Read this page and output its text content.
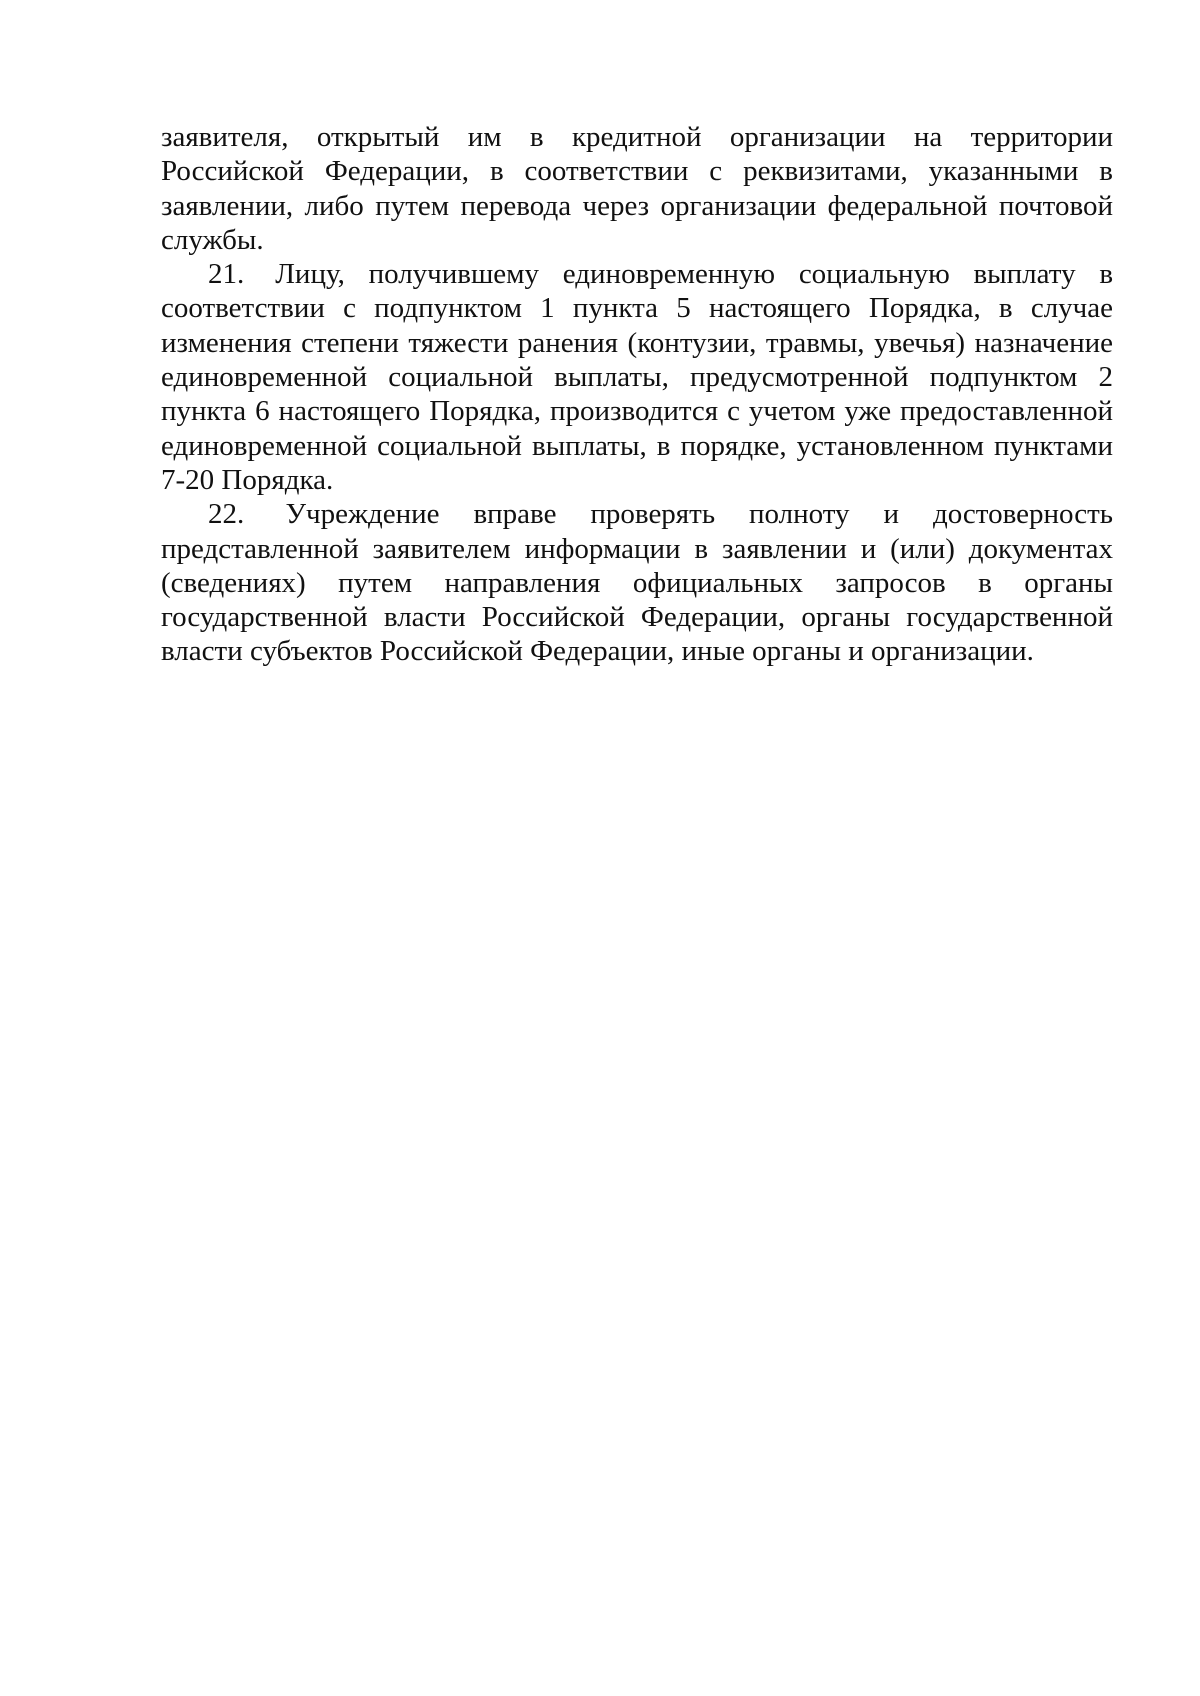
заявителя, открытый им в кредитной организации на территории Российской Федерации, в соответствии с реквизитами, указанными в заявлении, либо путем перевода через организации федеральной почтовой службы.

21. Лицу, получившему единовременную социальную выплату в соответствии с подпунктом 1 пункта 5 настоящего Порядка, в случае изменения степени тяжести ранения (контузии, травмы, увечья) назначение единовременной социальной выплаты, предусмотренной подпунктом 2 пункта 6 настоящего Порядка, производится с учетом уже предоставленной единовременной социальной выплаты, в порядке, установленном пунктами 7-20 Порядка.

22. Учреждение вправе проверять полноту и достоверность представленной заявителем информации в заявлении и (или) документах (сведениях) путем направления официальных запросов в органы государственной власти Российской Федерации, органы государственной власти субъектов Российской Федерации, иные органы и организации.
